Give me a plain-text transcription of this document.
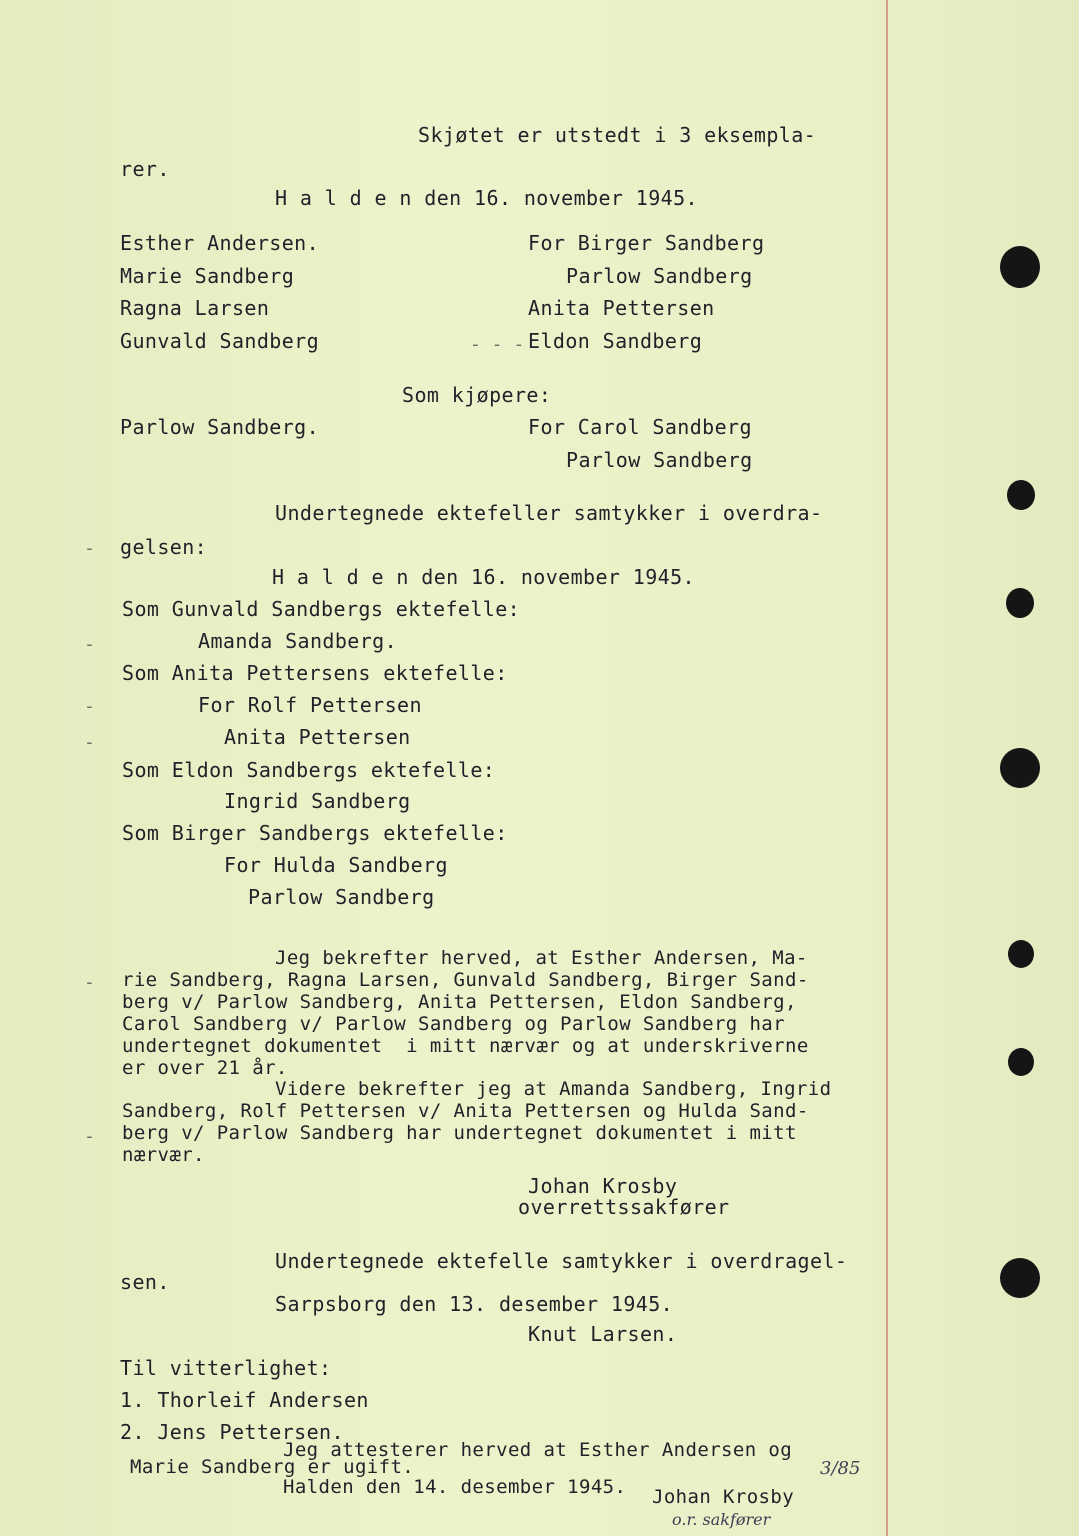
Skjøtet er utstedt i 3 eksempla-
rer.
H a l d e n den 16. november 1945.
Esther Andersen.
Marie Sandberg
Ragna Larsen
Gunvald Sandberg
For Birger Sandberg
Parlow Sandberg
Anita Pettersen
Eldon Sandberg
Som kjøpere:
Parlow Sandberg.	For Carol Sandberg
Parlow Sandberg
Undertegnede ektefeller samtykker i overdra-
gelsen:
H a l d e n den 16. november 1945.
Som Gunvald Sandbergs ektefelle:
Amanda Sandberg.
Som Anita Pettersens ektefelle:
For Rolf Pettersen
Anita Pettersen
Som Eldon Sandbergs ektefelle:
Ingrid Sandberg
Som Birger Sandbergs ektefelle:
For Hulda Sandberg
Parlow Sandberg
Jeg bekrefter herved, at Esther Andersen, Ma-
rie Sandberg, Ragna Larsen, Gunvald Sandberg, Birger Sand-
berg v/ Parlow Sandberg, Anita Pettersen, Eldon Sandberg,
Carol Sandberg v/ Parlow Sandberg og Parlow Sandberg har
undertegnet dokumentet  i mitt nærvær og at underskriverne
er over 21 år.
Videre bekrefter jeg at Amanda Sandberg, Ingrid
Sandberg, Rolf Pettersen v/ Anita Pettersen og Hulda Sand-
berg v/ Parlow Sandberg har undertegnet dokumentet i mitt
nærvær.
Johan Krosby
overrettssakfører
Undertegnede ektefelle samtykker i overdragel-
sen.
Sarpsborg den 13. desember 1945.
Knut Larsen.
Til vitterlighet:
1. Thorleif Andersen
2. Jens Pettersen.
Jeg attesterer herved at Esther Andersen og
Marie Sandberg er ugift.
Halden den 14. desember 1945. Johan Krosby
o.r. sakfører
3/85
-
-
-
-
-
-
- - -
